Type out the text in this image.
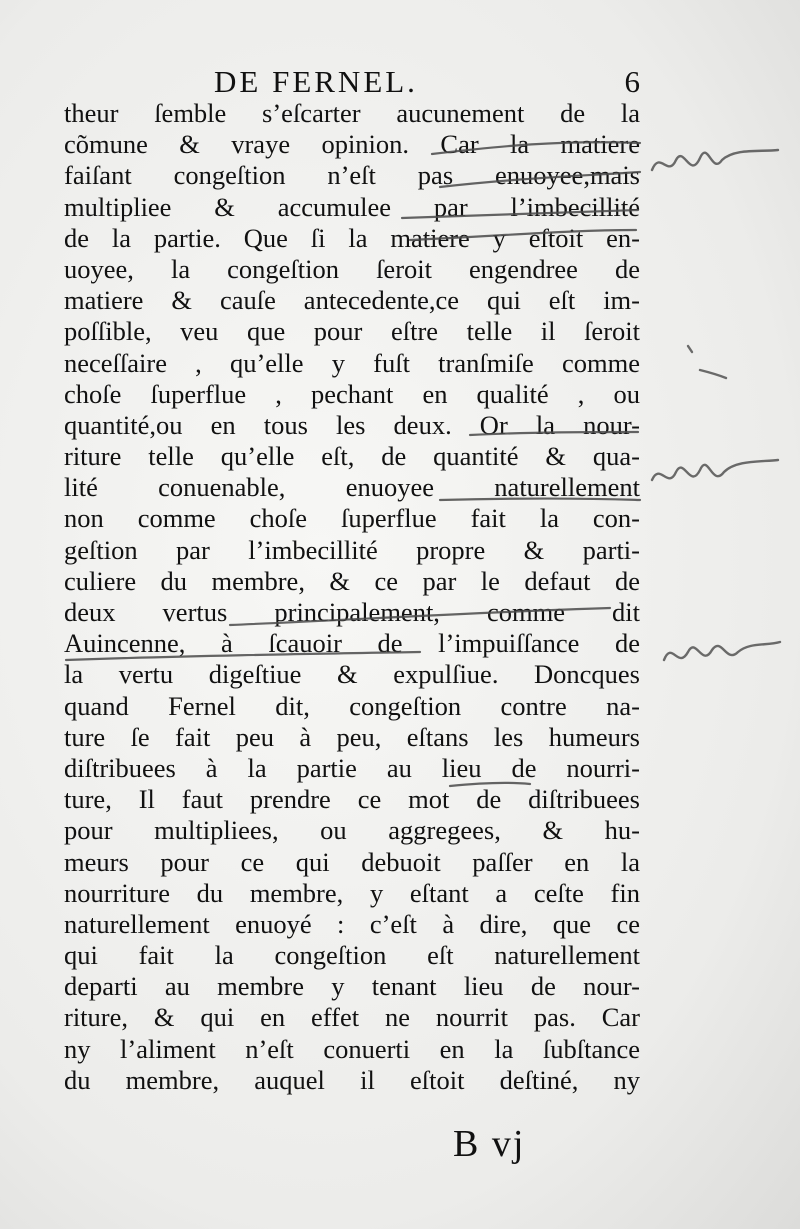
DE FERNEL.	6
theur ſemble s’eſcarter aucunement de la
cõmune & vraye opinion. Car la matiere
faiſant congeſtion n’eſt pas enuoyee,mais
multipliee & accumulee par l’imbecillité
de la partie. Que ſi la matiere y eſtoit en-
uoyee, la congeſtion ſeroit engendree de
matiere & cauſe antecedente,ce qui eſt im-
poſſible, veu que pour eſtre telle il ſeroit
neceſſaire , qu’elle y fuſt tranſmiſe comme
choſe ſuperflue , pechant en qualité , ou
quantité,ou en tous les deux. Or la nour-
riture telle qu’elle eſt, de quantité & qua-
lité conuenable, enuoyee naturellement
non comme choſe ſuperflue fait la con-
geſtion par l’imbecillité propre & parti-
culiere du membre, & ce par le defaut de
deux vertus principalement, comme dit
Auincenne, à ſcauoir de l’impuiſſance de
la vertu digeſtiue & expulſiue. Doncques
quand Fernel dit, congeſtion contre na-
ture ſe fait peu à peu, eſtans les humeurs
diſtribuees à la partie au lieu de nourri-
ture, Il faut prendre ce mot de diſtribuees
pour multipliees, ou aggregees, & hu-
meurs pour ce qui debuoit paſſer en la
nourriture du membre, y eſtant a ceſte fin
naturellement enuoyé : c’eſt à dire, que ce
qui fait la congeſtion eſt naturellement
departi au membre y tenant lieu de nour-
riture, & qui en effet ne nourrit pas. Car
ny l’aliment n’eſt conuerti en la ſubſtance
du membre, auquel il eſtoit deſtiné, ny
B vj
